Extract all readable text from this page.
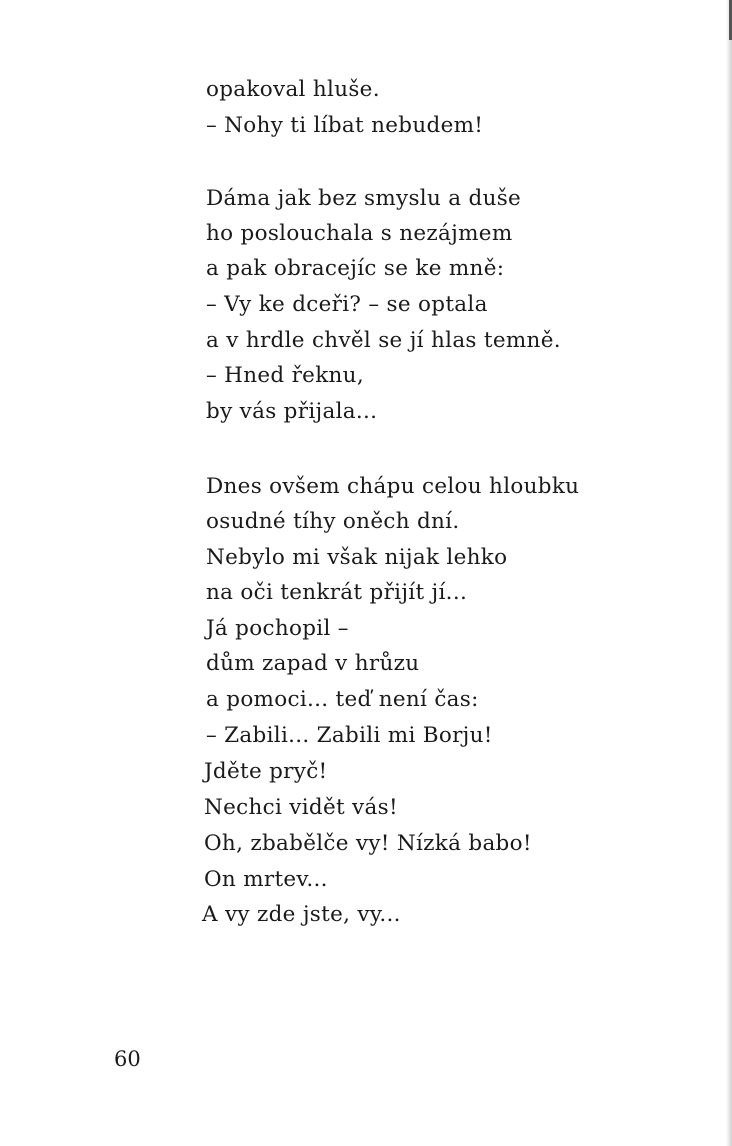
opakoval hluše.
– Nohy ti líbat nebudem!
Dáma jak bez smyslu a duše
ho poslouchala s nezájmem
a pak obracejíc se ke mně:
– Vy ke dceři? – se optala
a v hrdle chvěl se jí hlas temně.
– Hned řeknu,
by vás přijala...
Dnes ovšem chápu celou hloubku
osudné tíhy oněch dní.
Nebylo mi však nijak lehko
na oči tenkrát přijít jí...
Já pochopil –
dům zapad v hrůzu
a pomoci... teď není čas:
– Zabili... Zabili mi Borju!
Jděte pryč!
Nechci vidět vás!
Oh, zbabělče vy! Nízká babo!
On mrtev...
A vy zde jste, vy...
60
